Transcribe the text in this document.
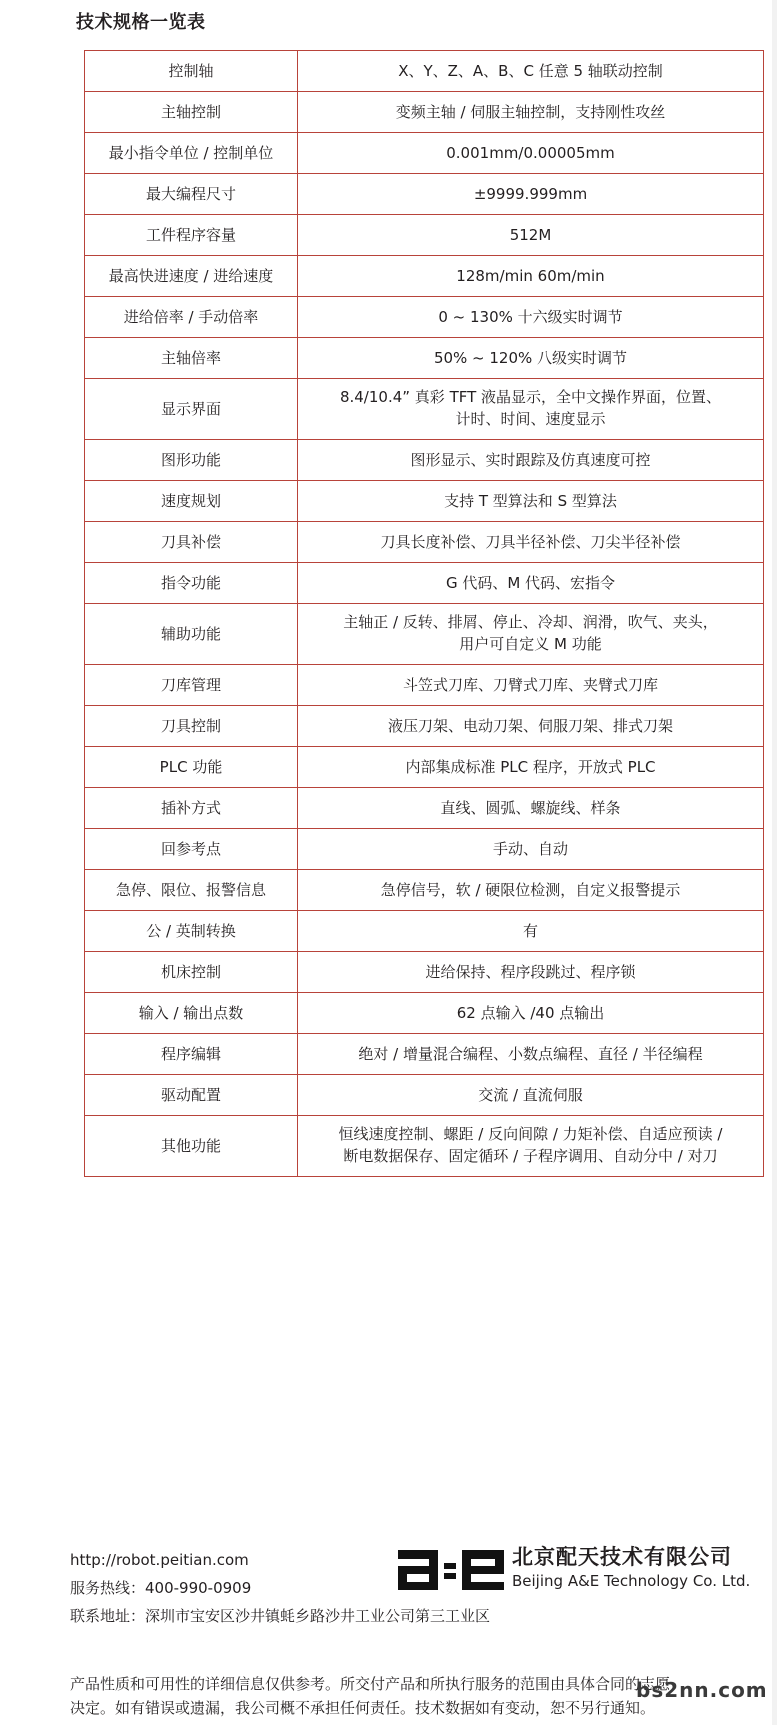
技术规格一览表
控制轴	X、Y、Z、A、B、C 任意 5 轴联动控制

主轴控制	变频主轴 / 伺服主轴控制，支持刚性攻丝

最小指令单位 / 控制单位	0.001mm/0.00005mm

最大编程尺寸	±9999.999mm

工件程序容量	512M

最高快进速度 / 进给速度	128m/min 60m/min

进给倍率 / 手动倍率	0 ~ 130% 十六级实时调节

主轴倍率	50% ~ 120% 八级实时调节

显示界面	8.4/10.4” 真彩 TFT 液晶显示，全中文操作界面，位置、
计时、时间、速度显示

图形功能	图形显示、实时跟踪及仿真速度可控

速度规划	支持 T 型算法和 S 型算法

刀具补偿	刀具长度补偿、刀具半径补偿、刀尖半径补偿

指令功能	G 代码、M 代码、宏指令

辅助功能	主轴正 / 反转、排屑、停止、冷却、润滑，吹气、夹头，
用户可自定义 M 功能

刀库管理	斗笠式刀库、刀臂式刀库、夹臂式刀库

刀具控制	液压刀架、电动刀架、伺服刀架、排式刀架

PLC 功能	内部集成标准 PLC 程序，开放式 PLC

插补方式	直线、圆弧、螺旋线、样条

回参考点	手动、自动

急停、限位、报警信息	急停信号，软 / 硬限位检测，自定义报警提示

公 / 英制转换	有

机床控制	进给保持、程序段跳过、程序锁

输入 / 输出点数	62 点输入 /40 点输出

程序编辑	绝对 / 增量混合编程、小数点编程、直径 / 半径编程

驱动配置	交流 / 直流伺服

其他功能	恒线速度控制、螺距 / 反向间隙 / 力矩补偿、自适应预读 /
断电数据保存、固定循环 / 子程序调用、自动分中 / 对刀
http://robot.peitian.com
服务热线：400-990-0909
联系地址：深圳市宝安区沙井镇蚝乡路沙井工业公司第三工业区
北京配天技术有限公司
Beijing A&E Technology Co. Ltd.
产品性质和可用性的详细信息仅供参考。所交付产品和所执行服务的范围由具体合同的志愿
决定。如有错误或遗漏，我公司概不承担任何责任。技术数据如有变动，恕不另行通知。
bs2nn.com
